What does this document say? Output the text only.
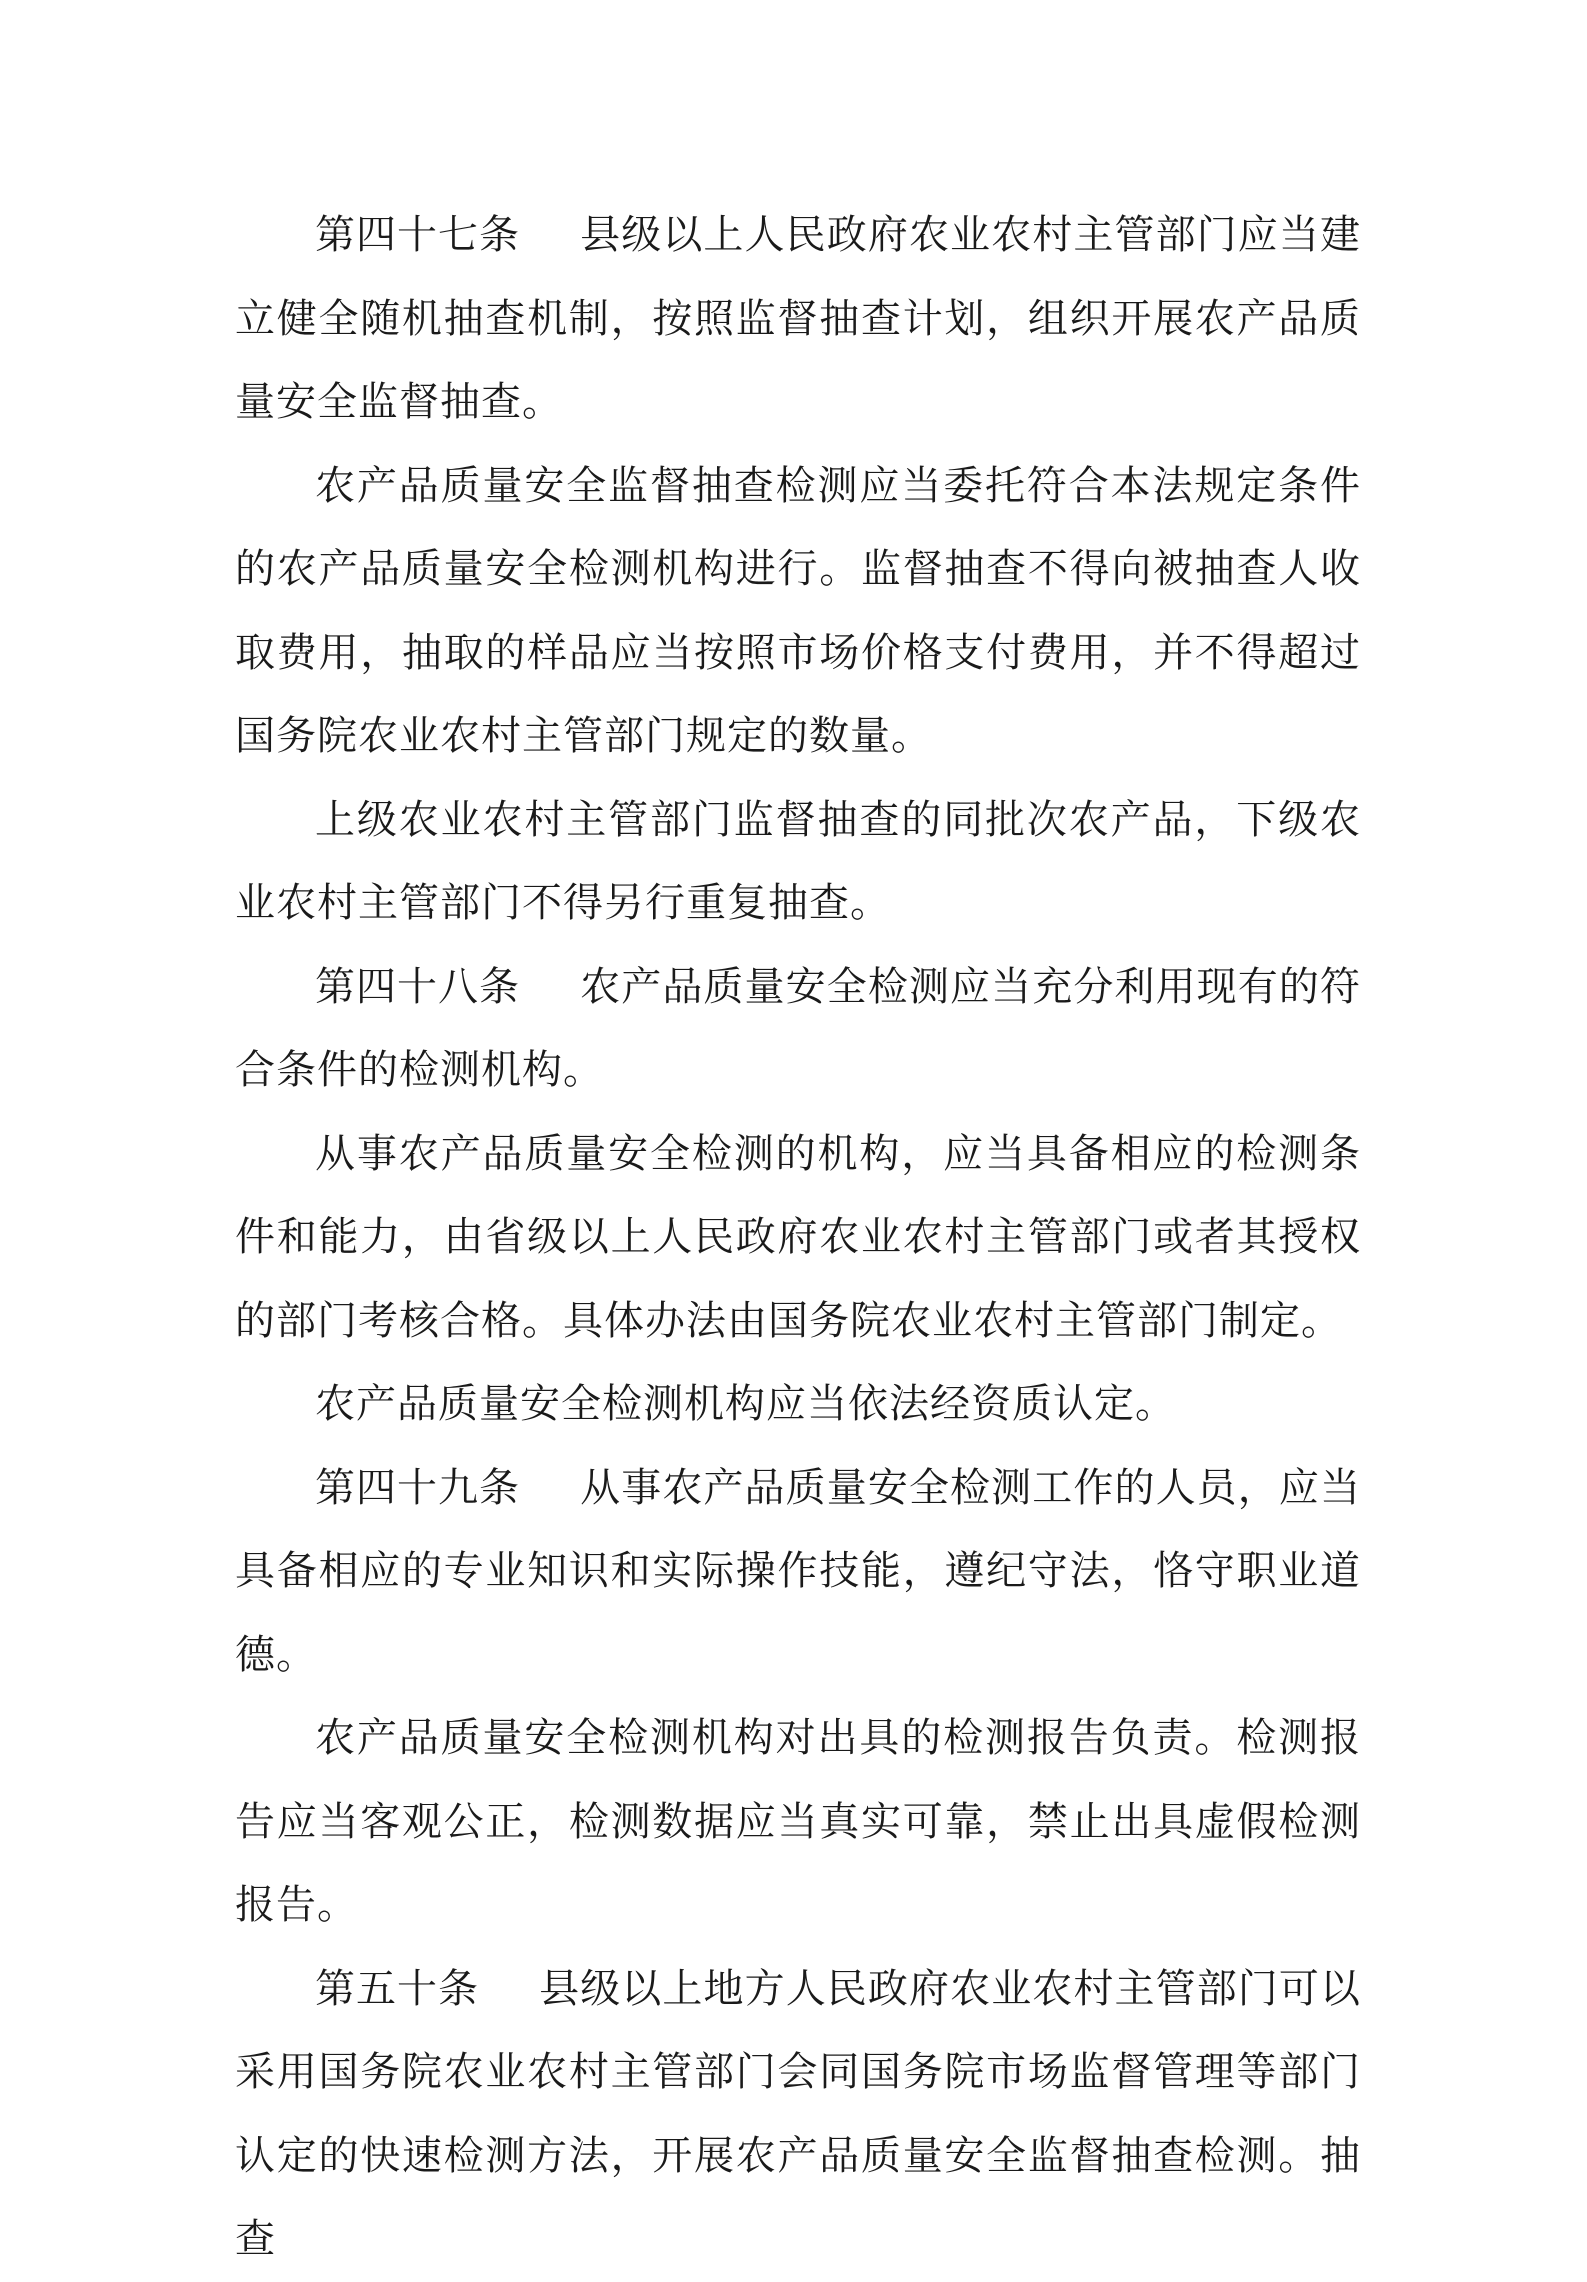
第四十七条 县级以上人民政府农业农村主管部门应当建立健全随机抽查机制，按照监督抽查计划，组织开展农产品质量安全监督抽查。

农产品质量安全监督抽查检测应当委托符合本法规定条件的农产品质量安全检测机构进行。监督抽查不得向被抽查人收取费用，抽取的样品应当按照市场价格支付费用，并不得超过国务院农业农村主管部门规定的数量。

上级农业农村主管部门监督抽查的同批次农产品，下级农业农村主管部门不得另行重复抽查。

第四十八条 农产品质量安全检测应当充分利用现有的符合条件的检测机构。

从事农产品质量安全检测的机构，应当具备相应的检测条件和能力，由省级以上人民政府农业农村主管部门或者其授权的部门考核合格。具体办法由国务院农业农村主管部门制定。

农产品质量安全检测机构应当依法经资质认定。

第四十九条 从事农产品质量安全检测工作的人员，应当具备相应的专业知识和实际操作技能，遵纪守法，恪守职业道德。

农产品质量安全检测机构对出具的检测报告负责。检测报告应当客观公正，检测数据应当真实可靠，禁止出具虚假检测报告。

第五十条 县级以上地方人民政府农业农村主管部门可以采用国务院农业农村主管部门会同国务院市场监督管理等部门认定的快速检测方法，开展农产品质量安全监督抽查检测。抽查
